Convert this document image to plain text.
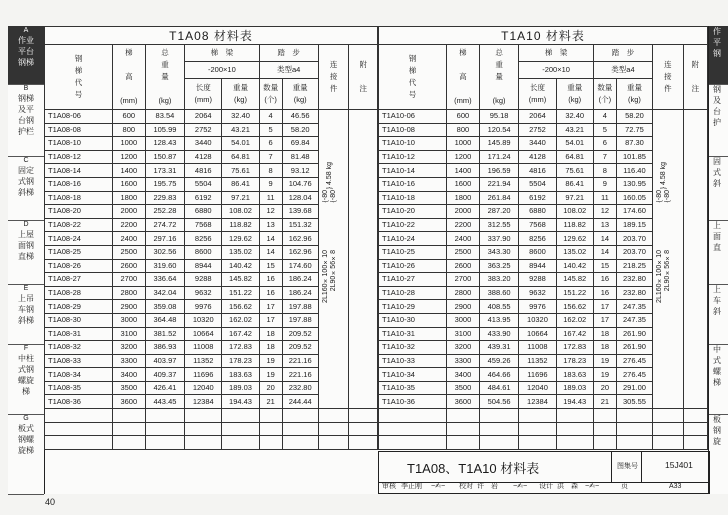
A
作业
平台
钢梯
B
钢梯
及平
台钢
护栏
C
固定
式钢
斜梯
D
上屋
面钢
直梯
E
上吊
车钢
斜梯
F
中柱
式钢
螺旋
梯
G
板式
钢螺
旋梯
作
平
钢
钢
及
台
护
固
式
斜
上
面
直
上
车
斜
中
式
螺
梯
板
钢
旋
T1A08 材料表								
钢
梯
代
号	梯

高

(mm)	总
重
量

(kg)	梯　梁		踏　步		连
接
件	附

注
			-200×10		类型a4			
			长度
(mm)	重量
(kg)	数量
(个)	重量
(kg)		
T1A08-06	600	83.54	2064	32.40	4	46.56	2L160×100×10 2L90×56×8
{-80 {-80
} 4.58 kg	

T1A08-08	800	105.99	2752	43.21	5	58.20		
T1A08-10	1000	128.43	3440	54.01	6	69.84		
T1A08-12	1200	150.87	4128	64.81	7	81.48		
T1A08-14	1400	173.31	4816	75.61	8	93.12		
T1A08-16	1600	195.75	5504	86.41	9	104.76		
T1A08-18	1800	229.83	6192	97.21	11	128.04		
T1A08-20	2000	252.28	6880	108.02	12	139.68		
T1A08-22	2200	274.72	7568	118.82	13	151.32		
T1A08-24	2400	297.16	8256	129.62	14	162.96		
T1A08-25	2500	302.56	8600	135.02	14	162.96		
T1A08-26	2600	319.60	8944	140.42	15	174.60		
T1A08-27	2700	336.64	9288	145.82	16	186.24		
T1A08-28	2800	342.04	9632	151.22	16	186.24		
T1A08-29	2900	359.08	9976	156.62	17	197.88		
T1A08-30	3000	364.48	10320	162.02	17	197.88		
T1A08-31	3100	381.52	10664	167.42	18	209.52		
T1A08-32	3200	386.93	11008	172.83	18	209.52		
T1A08-33	3300	403.97	11352	178.23	19	221.16		
T1A08-34	3400	409.37	11696	183.63	19	221.16		
T1A08-35	3500	426.41	12040	189.03	20	232.80		
T1A08-36	3600	443.45	12384	194.43	21	244.44		

T1A10 材料表								
钢
梯
代
号	梯

高

(mm)	总
重
量

(kg)	梯　梁		踏　步		连
接
件	附

注
			-200×10		类型a4			
			长度
(mm)	重量
(kg)	数量
(个)	重量
(kg)		
T1A10-06	600	95.18	2064	32.40	4	58.20	2L160×100×10 2L90×56×8
{-80 {-80
} 4.58 kg	

T1A10-08	800	120.54	2752	43.21	5	72.75		
T1A10-10	1000	145.89	3440	54.01	6	87.30		
T1A10-12	1200	171.24	4128	64.81	7	101.85		
T1A10-14	1400	196.59	4816	75.61	8	116.40		
T1A10-16	1600	221.94	5504	86.41	9	130.95		
T1A10-18	1800	261.84	6192	97.21	11	160.05		
T1A10-20	2000	287.20	6880	108.02	12	174.60		
T1A10-22	2200	312.55	7568	118.82	13	189.15		
T1A10-24	2400	337.90	8256	129.62	14	203.70		
T1A10-25	2500	343.30	8600	135.02	14	203.70		
T1A10-26	2600	363.25	8944	140.42	15	218.25		
T1A10-27	2700	383.20	9288	145.82	16	232.80		
T1A10-28	2800	388.60	9632	151.22	16	232.80		
T1A10-29	2900	408.55	9976	156.62	17	247.35		
T1A10-30	3000	413.95	10320	162.02	17	247.35		
T1A10-31	3100	433.90	10664	167.42	18	261.90		
T1A10-32	3200	439.31	11008	172.83	18	261.90		
T1A10-33	3300	459.26	11352	178.23	19	276.45		
T1A10-34	3400	464.66	11696	183.63	19	276.45		
T1A10-35	3500	484.61	12040	189.03	20	291.00		
T1A10-36	3600	504.56	12384	194.43	21	305.55		

T1A08、T1A10 材料表	图集号	15J401
审核 李正刚 ~✍~ 校对 许　岩 ~✍~ 设计 洪　森 ~✍~	页	A33
40
